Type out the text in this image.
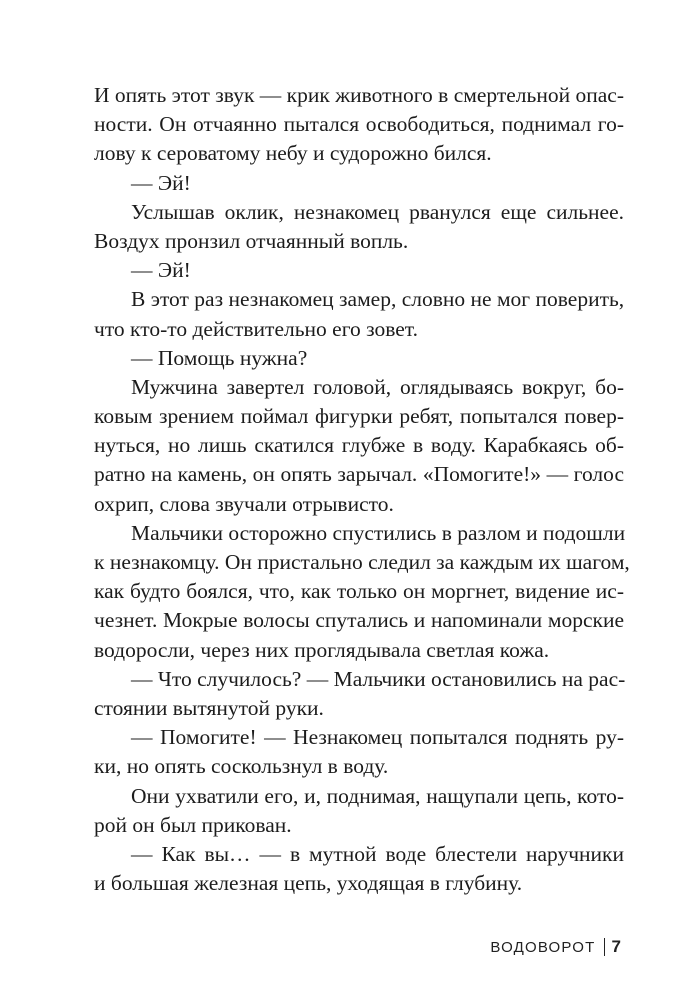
И опять этот звук — крик животного в смертельной опас-
ности. Он отчаянно пытался освободиться, поднимал го-
лову к сероватому небу и судорожно бился.
— Эй!
Услышав оклик, незнакомец рванулся еще сильнее.
Воздух пронзил отчаянный вопль.
— Эй!
В этот раз незнакомец замер, словно не мог поверить,
что кто-то действительно его зовет.
— Помощь нужна?
Мужчина завертел головой, оглядываясь вокруг, бо-
ковым зрением поймал фигурки ребят, попытался повер-
нуться, но лишь скатился глубже в воду. Карабкаясь об-
ратно на камень, он опять зарычал. «Помогите!» — голос
охрип, слова звучали отрывисто.
Мальчики осторожно спустились в разлом и подошли
к незнакомцу. Он пристально следил за каждым их шагом,
как будто боялся, что, как только он моргнет, видение ис-
чезнет. Мокрые волосы спутались и напоминали морские
водоросли, через них проглядывала светлая кожа.
— Что случилось? — Мальчики остановились на рас-
стоянии вытянутой руки.
— Помогите! — Незнакомец попытался поднять ру-
ки, но опять соскользнул в воду.
Они ухватили его, и, поднимая, нащупали цепь, кото-
рой он был прикован.
— Как вы… — в мутной воде блестели наручники
и большая железная цепь, уходящая в глубину.
ВОДОВОРОТ 7
